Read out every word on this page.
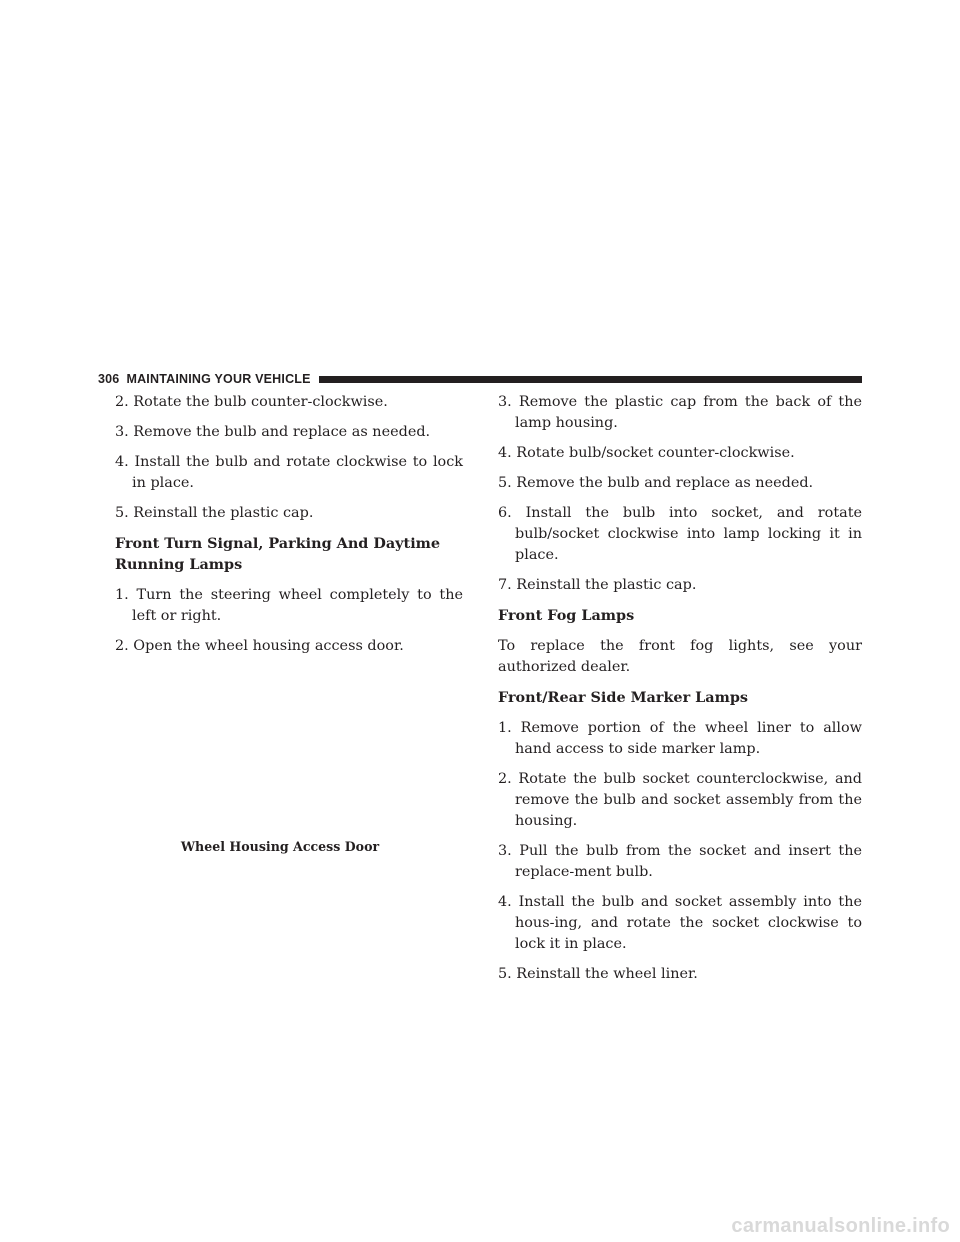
306 MAINTAINING YOUR VEHICLE

2. Rotate the bulb counter-clockwise.

3. Remove the bulb and replace as needed.

4. Install the bulb and rotate clockwise to lock in place.

5. Reinstall the plastic cap.

Front Turn Signal, Parking And Daytime
Running Lamps

1. Turn the steering wheel completely to the left or right.

2. Open the wheel housing access door.

Wheel Housing Access Door

3. Remove the plastic cap from the back of the lamp housing.

4. Rotate bulb/socket counter-clockwise.

5. Remove the bulb and replace as needed.

6. Install the bulb into socket, and rotate bulb/socket clockwise into lamp locking it in place.

7. Reinstall the plastic cap.

Front Fog Lamps

To replace the front fog lights, see your authorized dealer.

Front/Rear Side Marker Lamps

1. Remove portion of the wheel liner to allow hand access to side marker lamp.

2. Rotate the bulb socket counterclockwise, and remove the bulb and socket assembly from the housing.

3. Pull the bulb from the socket and insert the replace-ment bulb.

4. Install the bulb and socket assembly into the hous-ing, and rotate the socket clockwise to lock it in place.

5. Reinstall the wheel liner.

carmanualsonline.info
